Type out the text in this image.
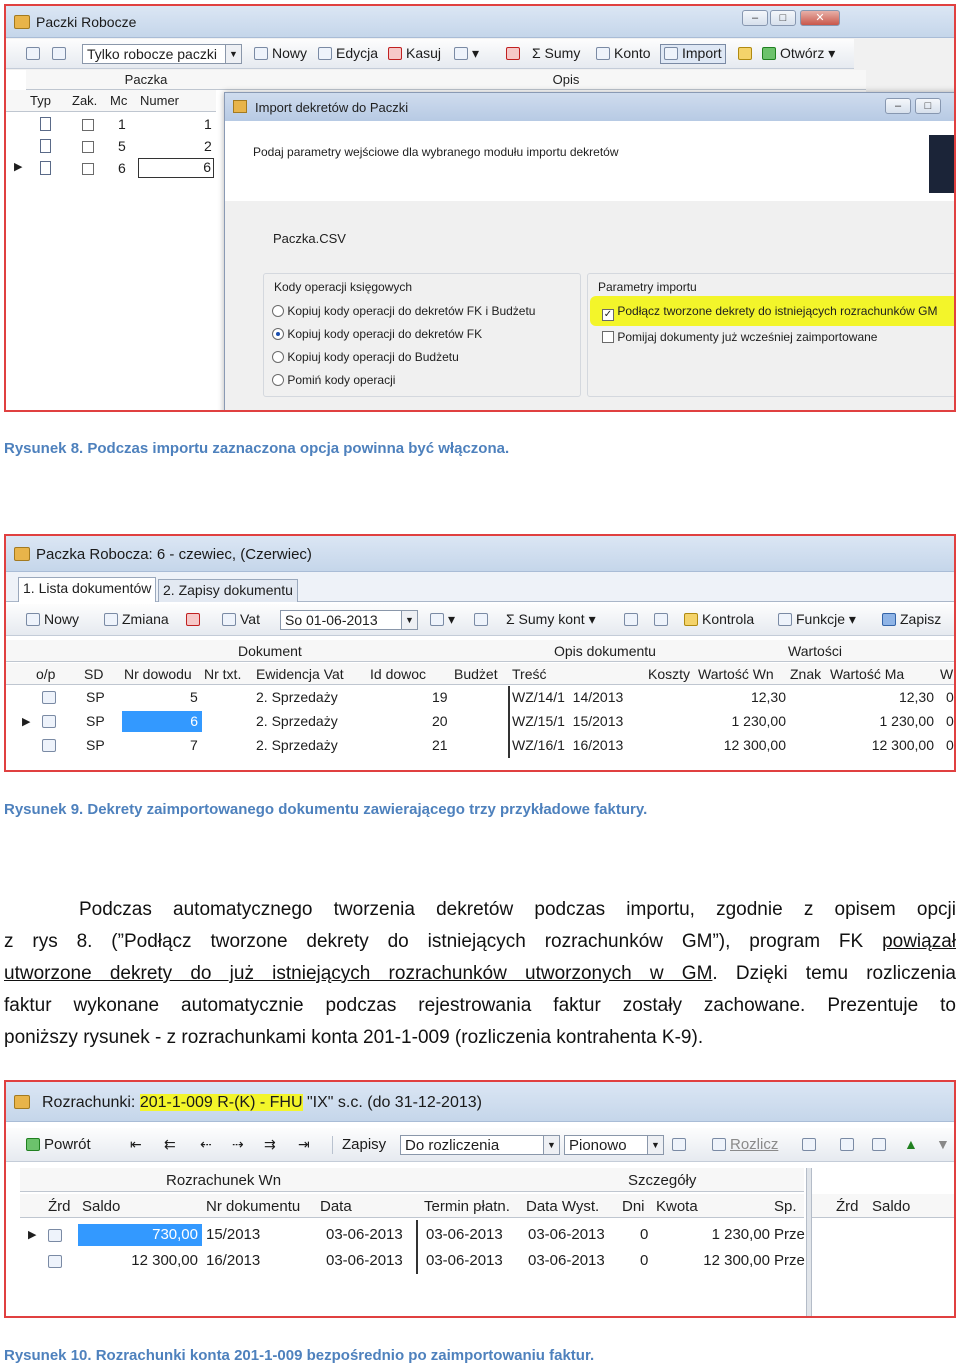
Paczki Robocze	–	□	✕
Tylko robocze paczki	▼	Nowy	Edycja	Kasuj	▾	Σ Sumy	Konto	Import	Otwórz ▾
Paczka	Opis
Typ Zak. Mc Numer
1	1
5	2
▶	6	6
Import dekretów do Paczki	–	□
Podaj parametry wejściowe dla wybranego modułu importu dekretów
Paczka.CSV
Kody operacji księgowych
Kopiuj kody operacji do dekretów FK i Budżetu
Kopiuj kody operacji do dekretów FK
Kopiuj kody operacji do Budżetu
Pomiń kody operacji
Parametry importu
✓ Podłącz tworzone dekrety do istniejących rozrachunków GM
Pomijaj dokumenty już wcześniej zaimportowane
Rysunek 8. Podczas importu zaznaczona opcja powinna być włączona.
Paczka Robocza: 6 - czewiec, (Czerwiec)
1. Lista dokumentów 2. Zapisy dokumentu
Nowy	Zmiana	Vat	So 01-06-2013	▼	▾	Σ Sumy kont ▾	Kontrola	Funkcje ▾	Zapisz
Dokument	Opis dokumentu	Wartości
o/p SD Nr dowodu Nr txt. Ewidencja Vat Id dowoc Budżet Treść	Koszty Wartość Wn Znak Wartość Ma	W
SP	5	2. Sprzedaży	19	WZ/14/1  14/2013	12,30	12,30 0
▶	SP	6	2. Sprzedaży	20	WZ/15/1  15/2013	1 230,00	1 230,00 0
SP	7	2. Sprzedaży	21	WZ/16/1  16/2013	12 300,00	12 300,00 0
Rysunek 9. Dekrety zaimportowanego dokumentu zawierającego trzy przykładowe faktury.
Podczas automatycznego tworzenia dekretów podczas importu, zgodnie z opisem opcji
z rys 8. (”Podłącz tworzone dekrety do istniejących rozrachunków GM”), program FK powiązał
utworzone dekrety do już istniejących rozrachunków utworzonych w GM. Dzięki temu rozliczenia
faktur wykonane automatycznie podczas rejestrowania faktur zostały zachowane. Prezentuje to
poniższy rysunek - z rozrachunkami konta 201-1-009 (rozliczenia kontrahenta K-9).
Rozrachunki: 201-1-009 R-(K) - FHU "IX" s.c. (do 31-12-2013)
Powrót	⇤ ⇇ ⇠ ⇢ ⇉ ⇥ Zapisy	Do rozliczenia	▼ Pionowo	▼	Rozlicz	▲ ▼
Rozrachunek Wn	Szczegóły
Źrd Saldo	Nr dokumentu Data	Termin płatn. Data Wyst. Dni Kwota	Sp.	Źrd Saldo
▶	730,00 15/2013	03-06-2013 03-06-2013 03-06-2013 0	1 230,00 Prze
12 300,00 16/2013	03-06-2013 03-06-2013 03-06-2013 0	12 300,00 Prze
Rysunek 10. Rozrachunki konta 201-1-009 bezpośrednio po zaimportowaniu faktur.
